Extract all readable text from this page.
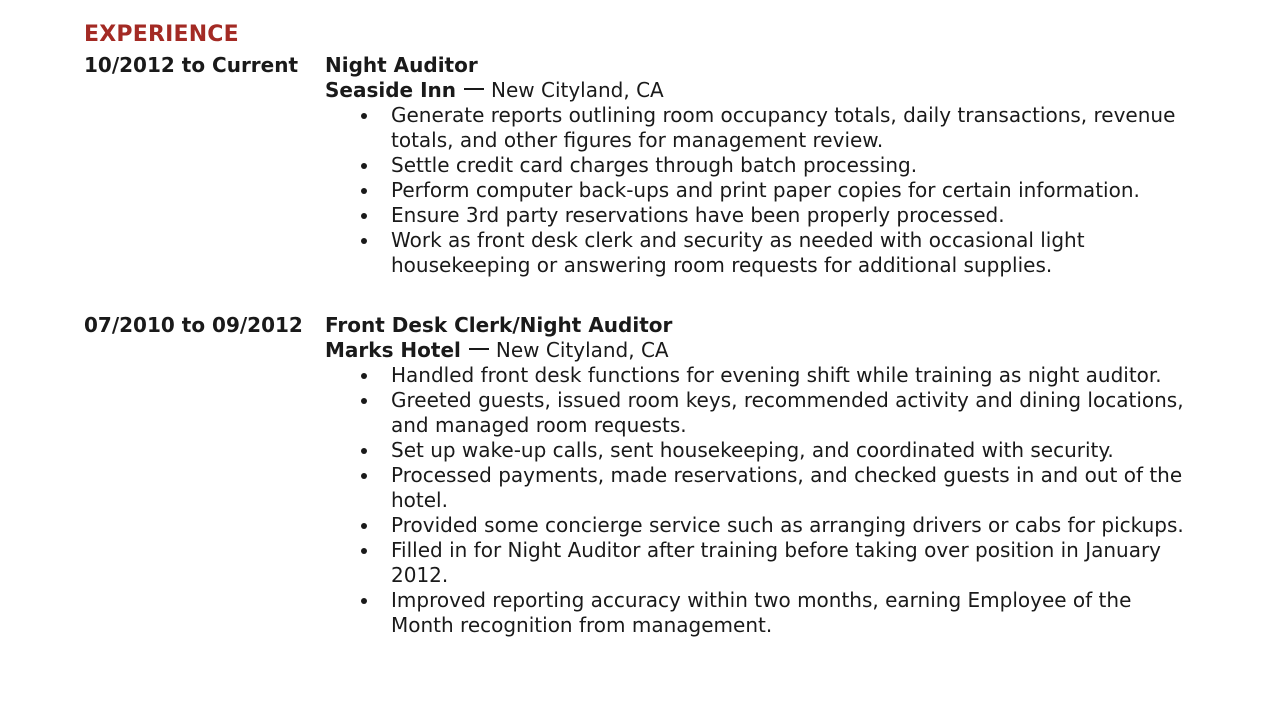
EXPERIENCE
10/2012 to Current Night Auditor
Seaside Inn New Cityland, CA
Generate reports outlining room occupancy totals, daily transactions, revenue totals, and other figures for management review.
Settle credit card charges through batch processing.
Perform computer back-ups and print paper copies for certain information.
Ensure 3rd party reservations have been properly processed.
Work as front desk clerk and security as needed with occasional light housekeeping or answering room requests for additional supplies.
07/2010 to 09/2012 Front Desk Clerk/Night Auditor
Marks Hotel New Cityland, CA
Handled front desk functions for evening shift while training as night auditor.
Greeted guests, issued room keys, recommended activity and dining locations, and managed room requests.
Set up wake-up calls, sent housekeeping, and coordinated with security.
Processed payments, made reservations, and checked guests in and out of the hotel.
Provided some concierge service such as arranging drivers or cabs for pickups.
Filled in for Night Auditor after training before taking over position in January 2012.
Improved reporting accuracy within two months, earning Employee of the Month recognition from management.
